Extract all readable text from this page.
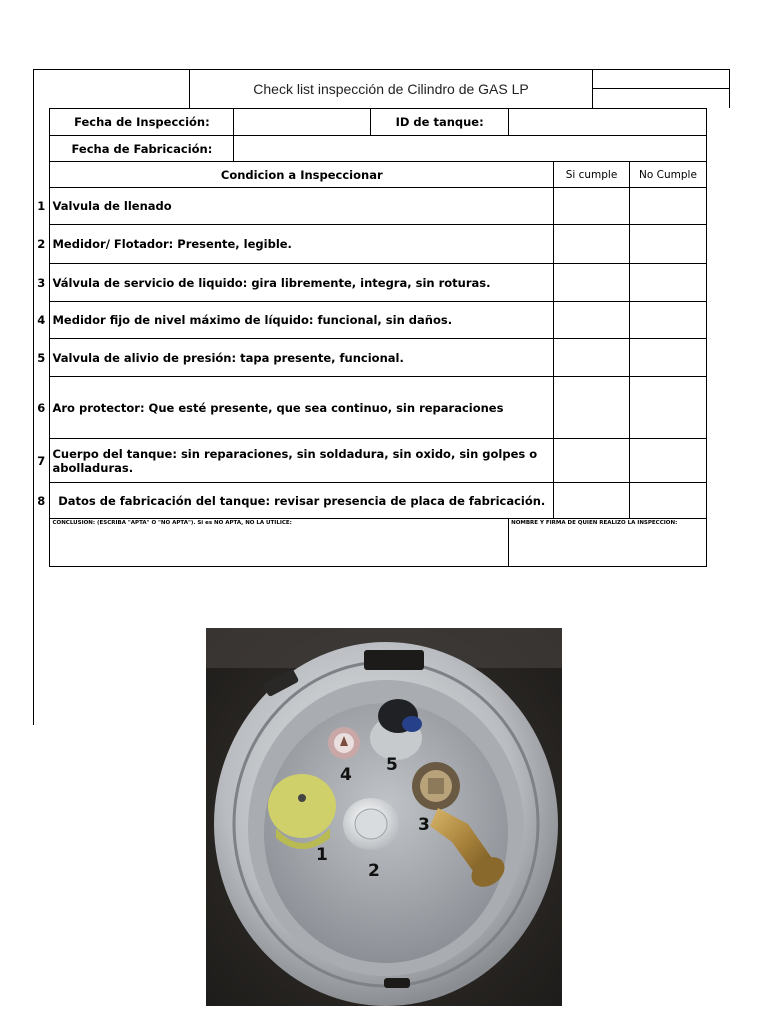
Check list inspección de Cilindro de GAS LP
	Fecha de Inspección:		ID de tanque:			
	Fecha de Fabricación:					
	Condicion a Inspeccionar				Si cumple	No Cumple
1	Valvula de llenado					
2	Medidor/ Flotador: Presente, legible.					
3	Válvula de servicio de liquido: gira libremente, integra, sin roturas.					
4	Medidor fijo de nivel máximo de líquido: funcional, sin daños.					
5	Valvula de alivio de presión: tapa presente, funcional.					
6	Aro protector: Que esté presente, que sea continuo, sin reparaciones					
7	Cuerpo del tanque: sin reparaciones, sin soldadura, sin oxido, sin golpes o abolladuras.					
8	Datos de fabricación del tanque: revisar presencia de placa de fabricación.					
	CONCLUSION: (ESCRIBA "APTA" O "NO APTA"). Si es NO APTA, NO LA UTILICE:			NOMBRE Y FIRMA DE QUIEN REALIZO LA INSPECCION:		
1
2
3
4 5
